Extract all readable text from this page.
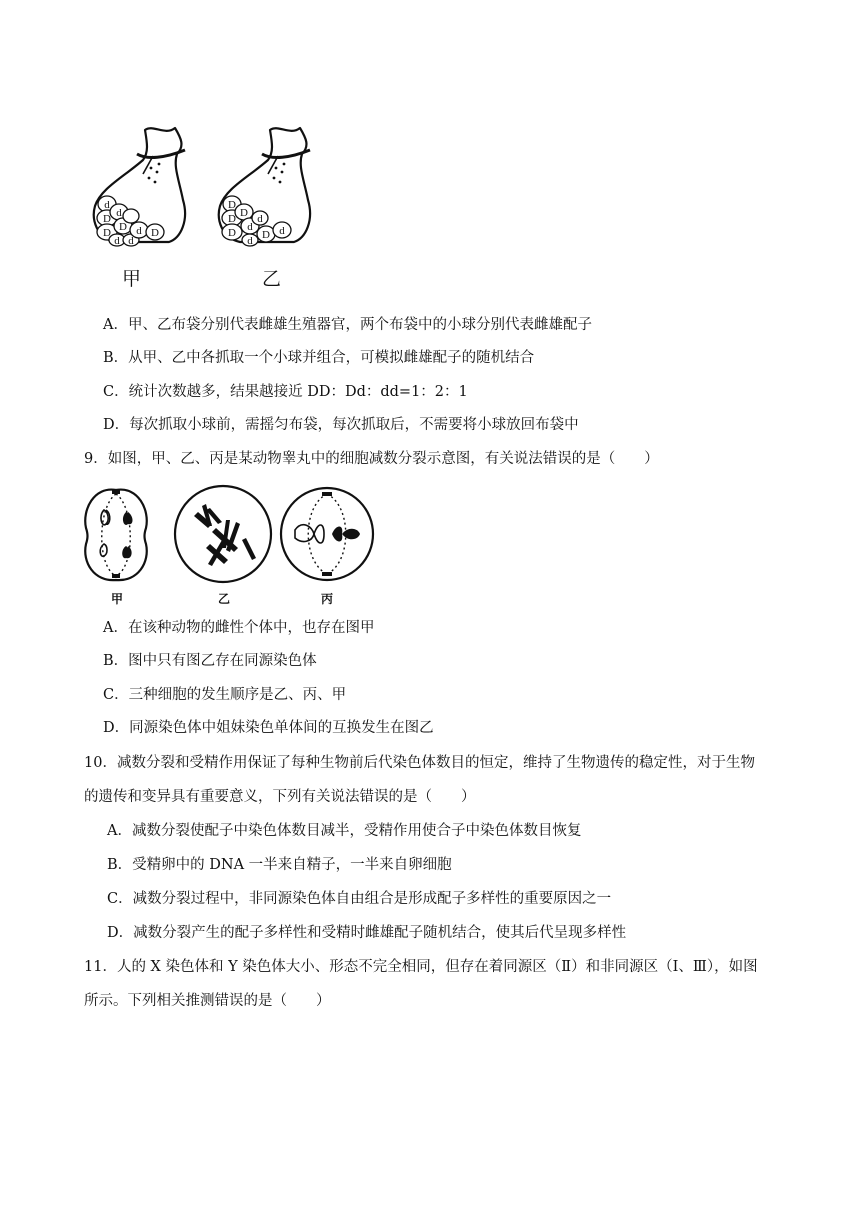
d
D d
D D
d d
d D
D
D D
D d
d
D d
d
甲	乙
A．甲、乙布袋分别代表雌雄生殖器官，两个布袋中的小球分别代表雌雄配子
B．从甲、乙中各抓取一个小球并组合，可模拟雌雄配子的随机结合
C．统计次数越多，结果越接近 DD：Dd：dd=1：2：1
D．每次抓取小球前，需摇匀布袋，每次抓取后，不需要将小球放回布袋中
9．如图，甲、乙、丙是某动物睾丸中的细胞减数分裂示意图，有关说法错误的是（　　）
甲	乙	丙
A．在该种动物的雌性个体中，也存在图甲
B．图中只有图乙存在同源染色体
C．三种细胞的发生顺序是乙、丙、甲
D．同源染色体中姐妹染色单体间的互换发生在图乙
10．减数分裂和受精作用保证了每种生物前后代染色体数目的恒定，维持了生物遗传的稳定性，对于生物
的遗传和变异具有重要意义，下列有关说法错误的是（　　）
A．减数分裂使配子中染色体数目减半，受精作用使合子中染色体数目恢复
B．受精卵中的 DNA 一半来自精子，一半来自卵细胞
C．减数分裂过程中，非同源染色体自由组合是形成配子多样性的重要原因之一
D．减数分裂产生的配子多样性和受精时雌雄配子随机结合，使其后代呈现多样性
11．人的 X 染色体和 Y 染色体大小、形态不完全相同，但存在着同源区（Ⅱ）和非同源区（Ⅰ、Ⅲ），如图
所示。下列相关推测错误的是（　　）
